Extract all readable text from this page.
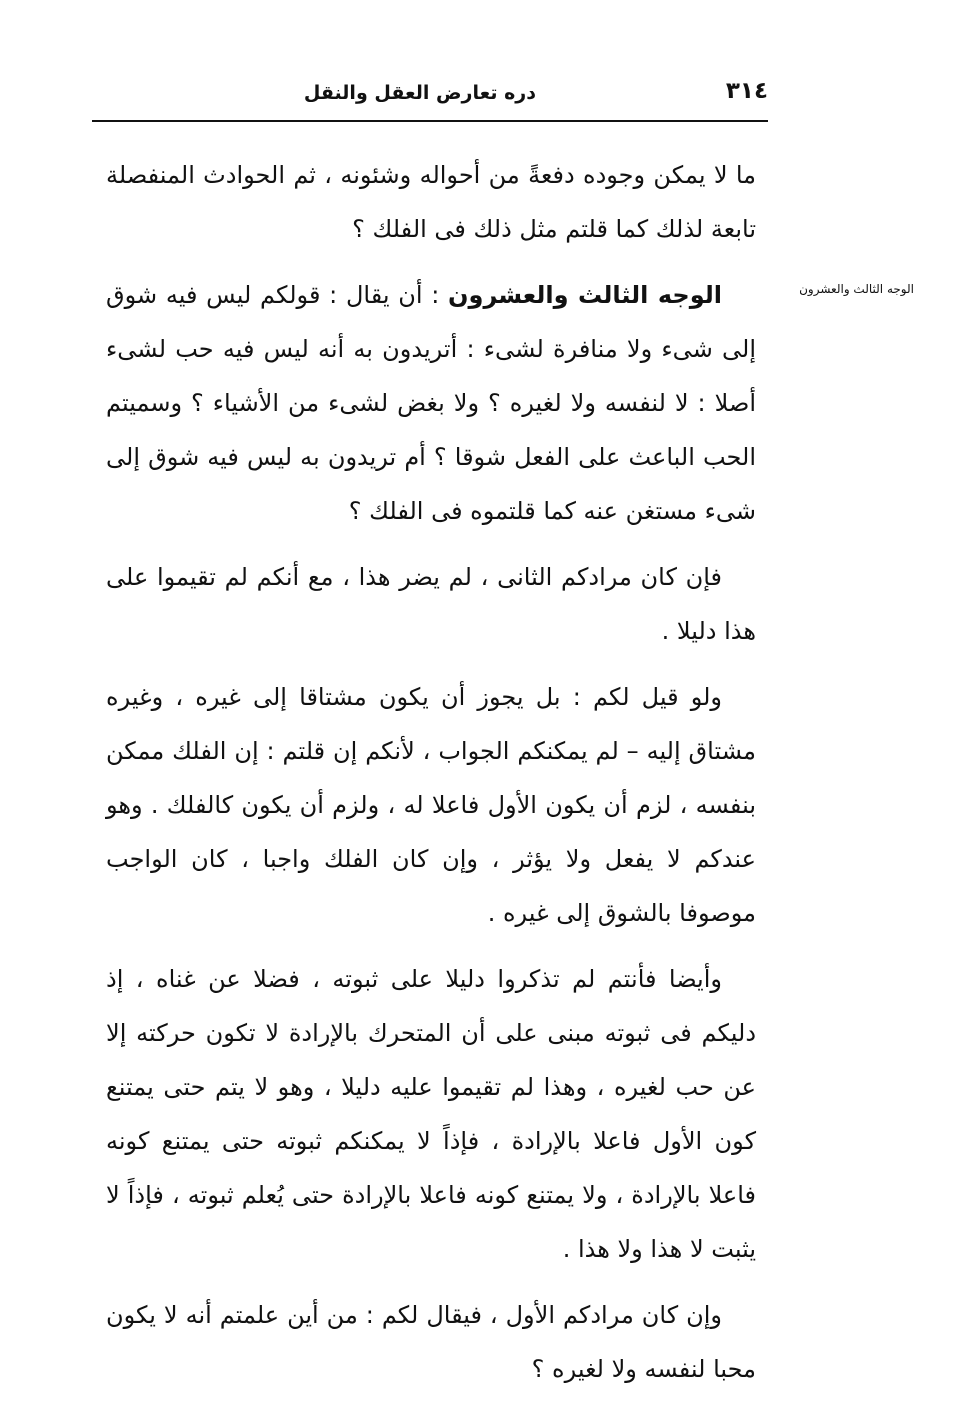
٣١٤
دره تعارض العقل والنقل
الوجه الثالث والعشرون

ما لا يمكن وجوده دفعةً من أحواله وشئونه ، ثم الحوادث المنفصلة تابعة لذلك كما قلتم مثل ذلك فى الفلك ؟

الوجه الثالث والعشرون : أن يقال : قولكم ليس فيه شوق إلى شىء ولا منافرة لشىء : أتريدون به أنه ليس فيه حب لشىء أصلا : لا لنفسه ولا لغيره ؟ ولا بغض لشىء من الأشياء ؟ وسميتم الحب الباعث على الفعل شوقا ؟ أم تريدون به ليس فيه شوق إلى شىء مستغن عنه كما قلتموه فى الفلك ؟

فإن كان مرادكم الثانى ، لم يضر هذا ، مع أنكم لم تقيموا على هذا دليلا .

ولو قيل لكم : بل يجوز أن يكون مشتاقا إلى غيره ، وغيره مشتاق إليه – لم يمكنكم الجواب ، لأنكم إن قلتم : إن الفلك ممكن بنفسه ، لزم أن يكون الأول فاعلا له ، ولزم أن يكون كالفلك . وهو عندكم لا يفعل ولا يؤثر ، وإن كان الفلك واجبا ، كان الواجب موصوفا بالشوق إلى غيره .

وأيضا فأنتم لم تذكروا دليلا على ثبوته ، فضلا عن غناه ، إذ دليكم فى ثبوته مبنى على أن المتحرك بالإرادة لا تكون حركته إلا عن حب لغيره ، وهذا لم تقيموا عليه دليلا ، وهو لا يتم حتى يمتنع كون الأول فاعلا بالإرادة ، فإذاً لا يمكنكم ثبوته حتى يمتنع كونه فاعلا بالإرادة ، ولا يمتنع كونه فاعلا بالإرادة حتى يُعلم ثبوته ، فإذاً لا يثبت لا هذا ولا هذا .

وإن كان مرادكم الأول ، فيقال لكم : من أين علمتم أنه لا يكون محبا لنفسه ولا لغيره ؟
